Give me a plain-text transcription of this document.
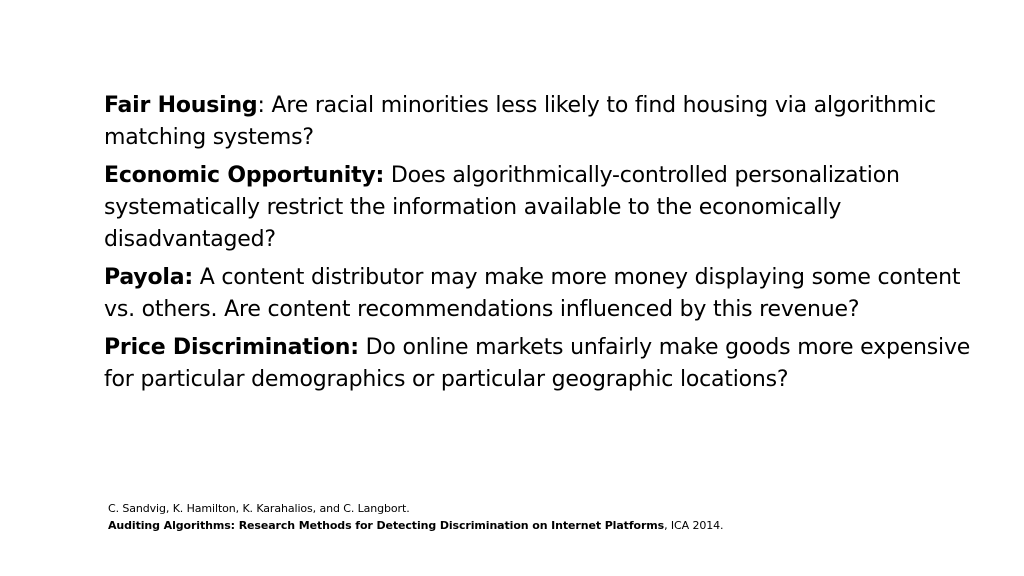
Fair Housing: Are racial minorities less likely to find housing via algorithmic matching systems?

Economic Opportunity: Does algorithmically-controlled personalization systematically restrict the information available to the economically disadvantaged?

Payola: A content distributor may make more money displaying some content vs. others. Are content recommendations influenced by this revenue?

Price Discrimination: Do online markets unfairly make goods more expensive for particular demographics or particular geographic locations?

C. Sandvig, K. Hamilton, K. Karahalios, and C. Langbort.
Auditing Algorithms: Research Methods for Detecting Discrimination on Internet Platforms, ICA 2014.
